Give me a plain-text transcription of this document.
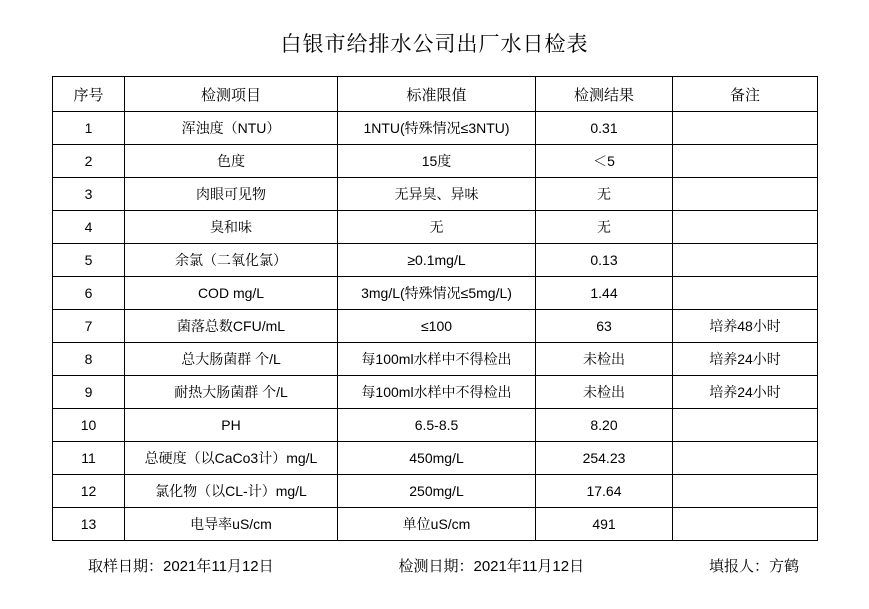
白银市给排水公司出厂水日检表
序号	检测项目	标准限值	检测结果	备注
1	浑浊度（NTU）	1NTU(特殊情况≤3NTU)	0.31	
2	色度	15度	＜5	
3	肉眼可见物	无异臭、异味	无	
4	臭和味	无	无	
5	余氯（二氧化氯）	≥0.1mg/L	0.13	
6	COD mg/L	3mg/L(特殊情况≤5mg/L)	1.44	
7	菌落总数CFU/mL	≤100	63	培养48小时
8	总大肠菌群 个/L	每100ml水样中不得检出	未检出	培养24小时
9	耐热大肠菌群 个/L	每100ml水样中不得检出	未检出	培养24小时
10	PH	6.5-8.5	8.20	
11	总硬度（以CaCo3计）mg/L	450mg/L	254.23	
12	氯化物（以CL-计）mg/L	250mg/L	17.64	
13	电导率uS/cm	单位uS/cm	491	
取样日期：2021年11月12日	检测日期：2021年11月12日	填报人：方鹤
